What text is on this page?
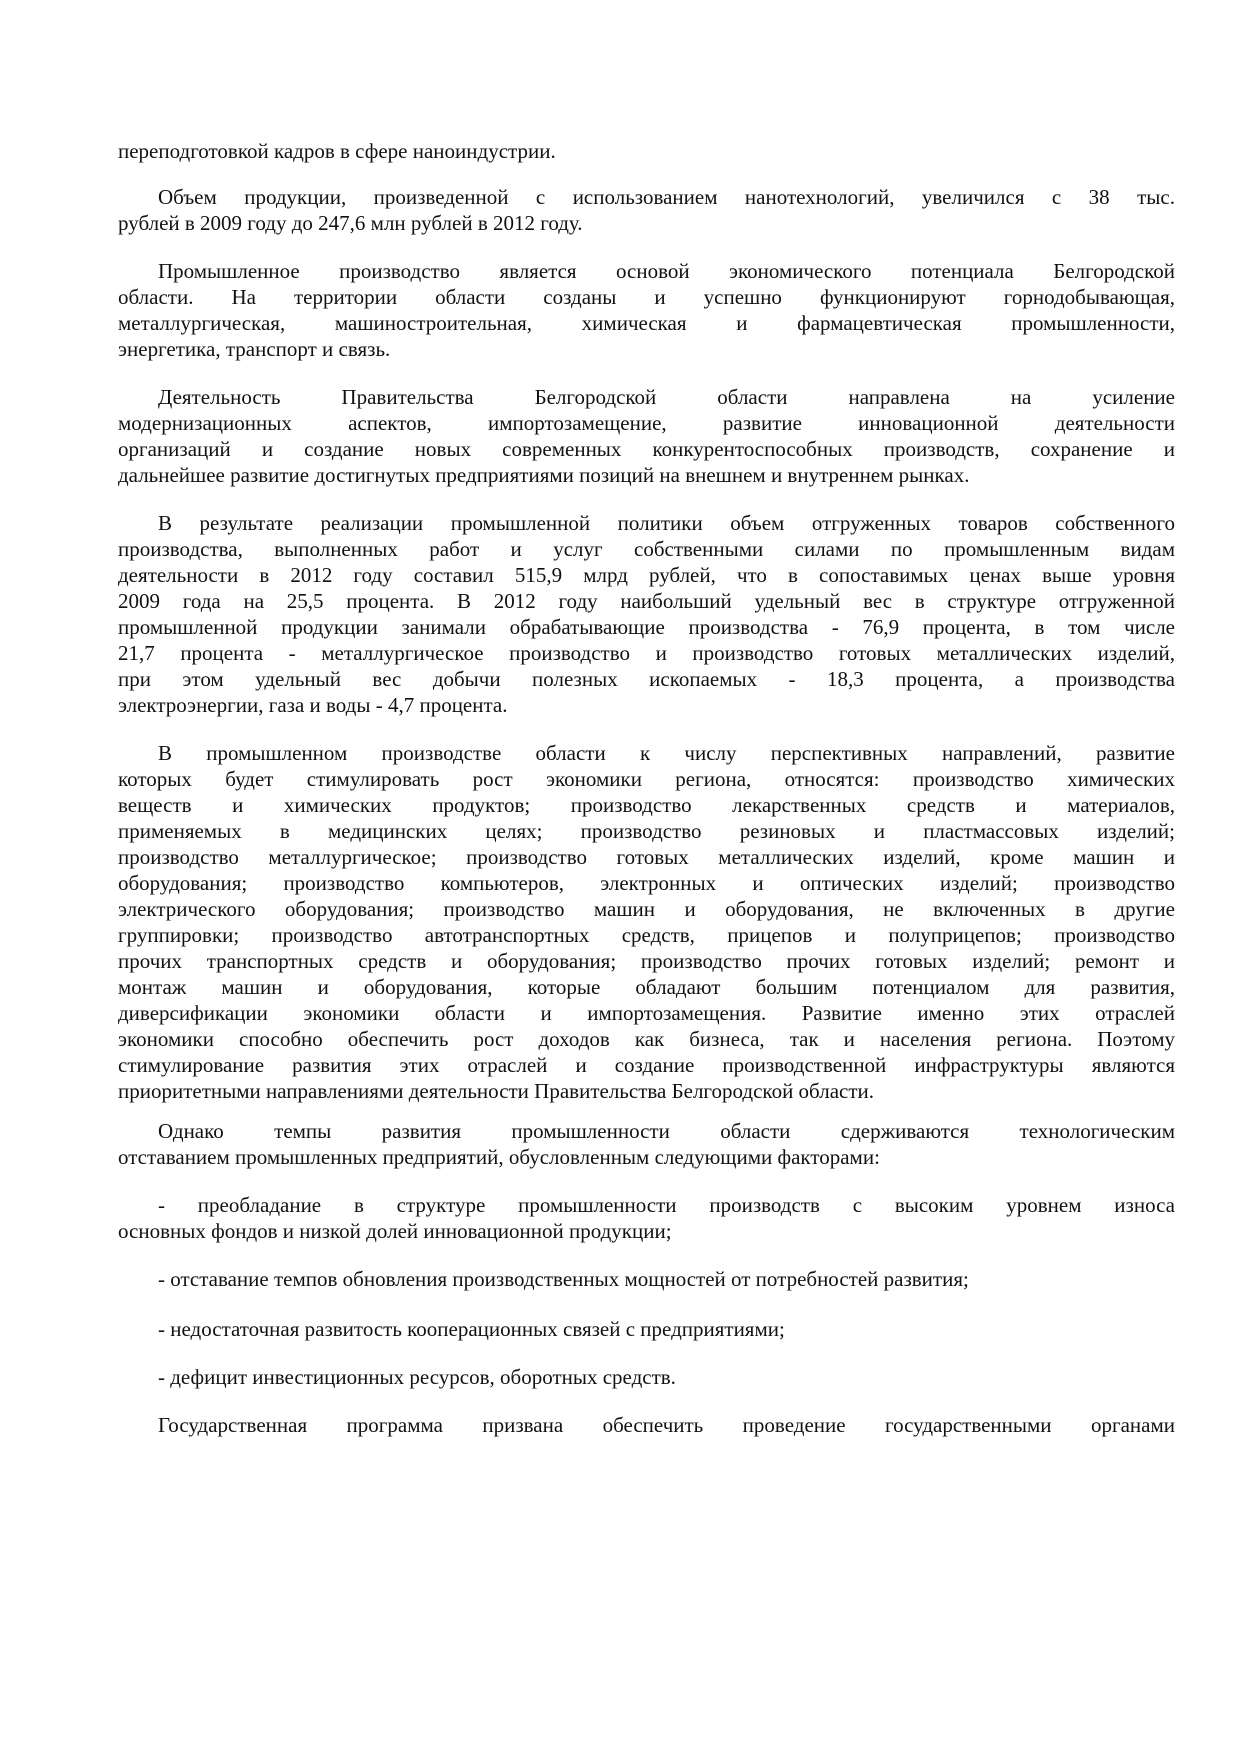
переподготовкой кадров в сфере наноиндустрии.
Объем продукции, произведенной с использованием нанотехнологий, увеличился с 38 тыс.
рублей в 2009 году до 247,6 млн рублей в 2012 году.
Промышленное производство является основой экономического потенциала Белгородской
области. На территории области созданы и успешно функционируют горнодобывающая,
металлургическая, машиностроительная, химическая и фармацевтическая промышленности,
энергетика, транспорт и связь.
Деятельность Правительства Белгородской области направлена на усиление
модернизационных аспектов, импортозамещение, развитие инновационной деятельности
организаций и создание новых современных конкурентоспособных производств, сохранение и
дальнейшее развитие достигнутых предприятиями позиций на внешнем и внутреннем рынках.
В результате реализации промышленной политики объем отгруженных товаров собственного
производства, выполненных работ и услуг собственными силами по промышленным видам
деятельности в 2012 году составил 515,9 млрд рублей, что в сопоставимых ценах выше уровня
2009 года на 25,5 процента. В 2012 году наибольший удельный вес в структуре отгруженной
промышленной продукции занимали обрабатывающие производства - 76,9 процента, в том числе
21,7 процента - металлургическое производство и производство готовых металлических изделий,
при этом удельный вес добычи полезных ископаемых - 18,3 процента, а производства
электроэнергии, газа и воды - 4,7 процента.
В промышленном производстве области к числу перспективных направлений, развитие
которых будет стимулировать рост экономики региона, относятся: производство химических
веществ и химических продуктов; производство лекарственных средств и материалов,
применяемых в медицинских целях; производство резиновых и пластмассовых изделий;
производство металлургическое; производство готовых металлических изделий, кроме машин и
оборудования; производство компьютеров, электронных и оптических изделий; производство
электрического оборудования; производство машин и оборудования, не включенных в другие
группировки; производство автотранспортных средств, прицепов и полуприцепов; производство
прочих транспортных средств и оборудования; производство прочих готовых изделий; ремонт и
монтаж машин и оборудования, которые обладают большим потенциалом для развития,
диверсификации экономики области и импортозамещения. Развитие именно этих отраслей
экономики способно обеспечить рост доходов как бизнеса, так и населения региона. Поэтому
стимулирование развития этих отраслей и создание производственной инфраструктуры являются
приоритетными направлениями деятельности Правительства Белгородской области.
Однако темпы развития промышленности области сдерживаются технологическим
отставанием промышленных предприятий, обусловленным следующими факторами:
- преобладание в структуре промышленности производств с высоким уровнем износа
основных фондов и низкой долей инновационной продукции;
- отставание темпов обновления производственных мощностей от потребностей развития;
- недостаточная развитость кооперационных связей с предприятиями;
- дефицит инвестиционных ресурсов, оборотных средств.
Государственная программа призвана обеспечить проведение государственными органами
